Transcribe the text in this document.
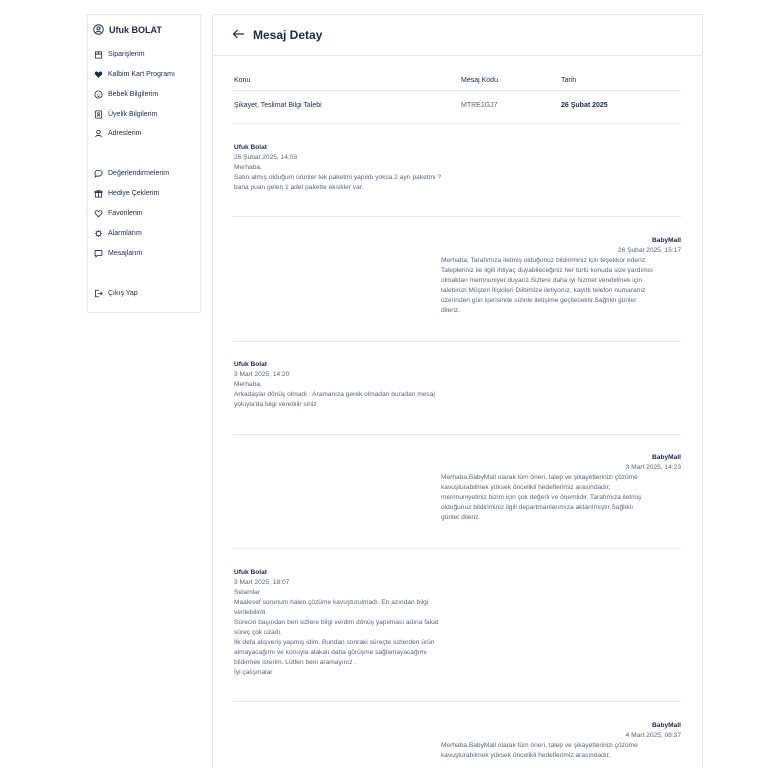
Ufuk BOLAT
Siparişlerim
Kalbim Kart Programı
Bebek Bilgilerim
Üyelik Bilgilerim
Adreslerim
Değerlendirmelerim
Hediye Çeklerim
Favorilerim
Alarmlarım
Mesajlarım
Çıkış Yap
Mesaj Detay
Konu	Mesaj Kodu	Tarih
Şikayet, Teslimat Bilgi Talebi	MTRE1GJ7	26 Şubat 2025
Ufuk Bolat
26 Şubat 2025, 14:03
Merhaba,
Satın almış olduğum ürünler tek paketmi yapıldı yoksa 2 ayrı paketmi ?
bana puan gelen 1 adet pakette eksikler var.
BabyMall
26 Şubat 2025, 15:17
Merhaba, Tarafımıza iletmiş olduğunuz bildiriminiz için teşekkür ederiz.
Talepleriniz ile ilgili ihtiyaç duyabileceğiniz her türlü konuda size yardımcı
olmaktan memnuniyet duyarız.Sizlere daha iyi hizmet verebilmek için
talebinizi Müşteri İlişkileri Diibimize iletiyoruz, kayıtlı telefon numaranız
üzerinden gün içerisinde sizinle iletişime geçilecektir.Sağlıklı günler
dileriz.
Ufuk Bolat
3 Mart 2025, 14:20
Merhaba,
Arkadaşlar dönüş olmadı . Aramanıza gerek olmadan buradan mesaj
yoluyla'da bilgi verebilir siniz
BabyMall
3 Mart 2025, 14:23
Merhaba,BabyMall olarak tüm öneri, talep ve şikayetlerinizi çözüme
kavuşturabilmek yüksek öncelikli hedeflerimiz arasındadır,
memnuniyetiniz bizim için çok değerli ve önemlidir. Tarafımıza iletmiş
olduğunuz bildiriminiz ilgili departmanlarımıza aktarılmıştır.Sağlıklı
günler dileriz.
Ufuk Bolat
3 Mart 2025, 18:07
Selamlar
Maalesef sorunum halen çözüme kavuşturulmadı. En azından bilgi
verilebilirdi.
Sürecin başından beri sizlere bilgi verdim dönüş yapılması adına fakat
süreç çok uzadı.
İlk defa alışveriş yapmış idim. Bundan sonraki süreçte sizlerden ürün
almayacağımı ve konuyla alakalı daha görüşme sağlamayacağımı
bildirmek isterim. Lütfen beni aramayınız .
İyi çalışmalar
BabyMall
4 Mart 2025, 08:37
Merhaba,BabyMall olarak tüm öneri, talep ve şikayetlerinizi çözüme
kavuşturabilmek yüksek öncelikli hedeflerimiz arasındadır,
